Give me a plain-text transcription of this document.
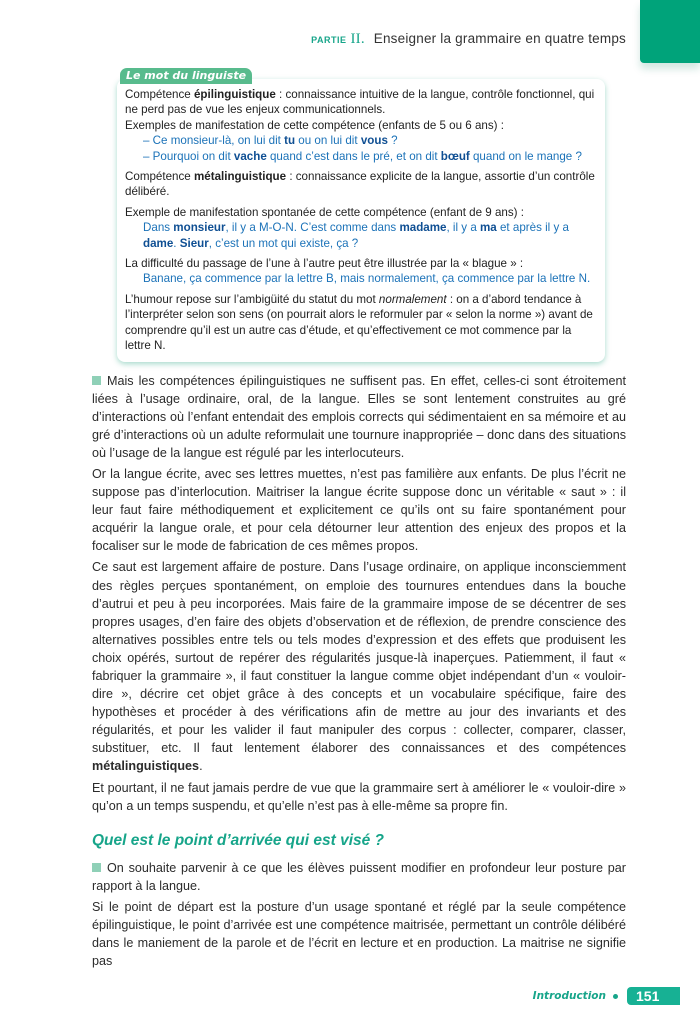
PARTIE II. Enseigner la grammaire en quatre temps
Le mot du linguiste

Compétence épilinguistique : connaissance intuitive de la langue, contrôle fonctionnel, qui ne perd pas de vue les enjeux communicationnels.

Exemples de manifestation de cette compétence (enfants de 5 ou 6 ans) :

– Ce monsieur-là, on lui dit tu ou on lui dit vous ?

– Pourquoi on dit vache quand c’est dans le pré, et on dit bœuf quand on le mange ?

Compétence métalinguistique : connaissance explicite de la langue, assortie d’un contrôle délibéré.

Exemple de manifestation spontanée de cette compétence (enfant de 9 ans) :

Dans monsieur, il y a M-O-N. C’est comme dans madame, il y a ma et après il y a dame. Sieur, c’est un mot qui existe, ça ?

La difficulté du passage de l’une à l’autre peut être illustrée par la « blague » :

Banane, ça commence par la lettre B, mais normalement, ça commence par la lettre N.

L’humour repose sur l’ambigüité du statut du mot normalement : on a d’abord tendance à l’interpréter selon son sens (on pourrait alors le reformuler par « selon la norme ») avant de comprendre qu’il est un autre cas d’étude, et qu’effectivement ce mot commence par la lettre N.

Mais les compétences épilinguistiques ne suffisent pas. En effet, celles-ci sont étroitement liées à l’usage ordinaire, oral, de la langue. Elles se sont lentement construites au gré d’interactions où l’enfant entendait des emplois corrects qui sédimentaient en sa mémoire et au gré d’interactions où un adulte reformulait une tournure inappropriée – donc dans des situations où l’usage de la langue est régulé par les interlocuteurs.

Or la langue écrite, avec ses lettres muettes, n’est pas familière aux enfants. De plus l’écrit ne suppose pas d’interlocution. Maitriser la langue écrite suppose donc un véritable « saut » : il leur faut faire méthodiquement et explicitement ce qu’ils ont su faire spontanément pour acquérir la langue orale, et pour cela détourner leur attention des enjeux des propos et la focaliser sur le mode de fabrication de ces mêmes propos.

Ce saut est largement affaire de posture. Dans l’usage ordinaire, on applique inconsciemment des règles perçues spontanément, on emploie des tournures entendues dans la bouche d’autrui et peu à peu incorporées. Mais faire de la grammaire impose de se décentrer de ses propres usages, d’en faire des objets d’observation et de réflexion, de prendre conscience des alternatives possibles entre tels ou tels modes d’expression et des effets que produisent les choix opérés, surtout de repérer des régularités jusque-là inaperçues. Patiemment, il faut « fabriquer la grammaire », il faut constituer la langue comme objet indépendant d’un « vouloir-dire », décrire cet objet grâce à des concepts et un vocabulaire spécifique, faire des hypothèses et procéder à des vérifications afin de mettre au jour des invariants et des régularités, et pour les valider il faut manipuler des corpus : collecter, comparer, classer, substituer, etc. Il faut lentement élaborer des connaissances et des compétences métalinguistiques.

Et pourtant, il ne faut jamais perdre de vue que la grammaire sert à améliorer le « vouloir-dire » qu’on a un temps suspendu, et qu’elle n’est pas à elle-même sa propre fin.

Quel est le point d’arrivée qui est visé ?

On souhaite parvenir à ce que les élèves puissent modifier en profondeur leur posture par rapport à la langue.

Si le point de départ est la posture d’un usage spontané et réglé par la seule compétence épilinguistique, le point d’arrivée est une compétence maitrisée, permettant un contrôle délibéré dans le maniement de la parole et de l’écrit en lecture et en production. La maitrise ne signifie pas

Introduction	151
